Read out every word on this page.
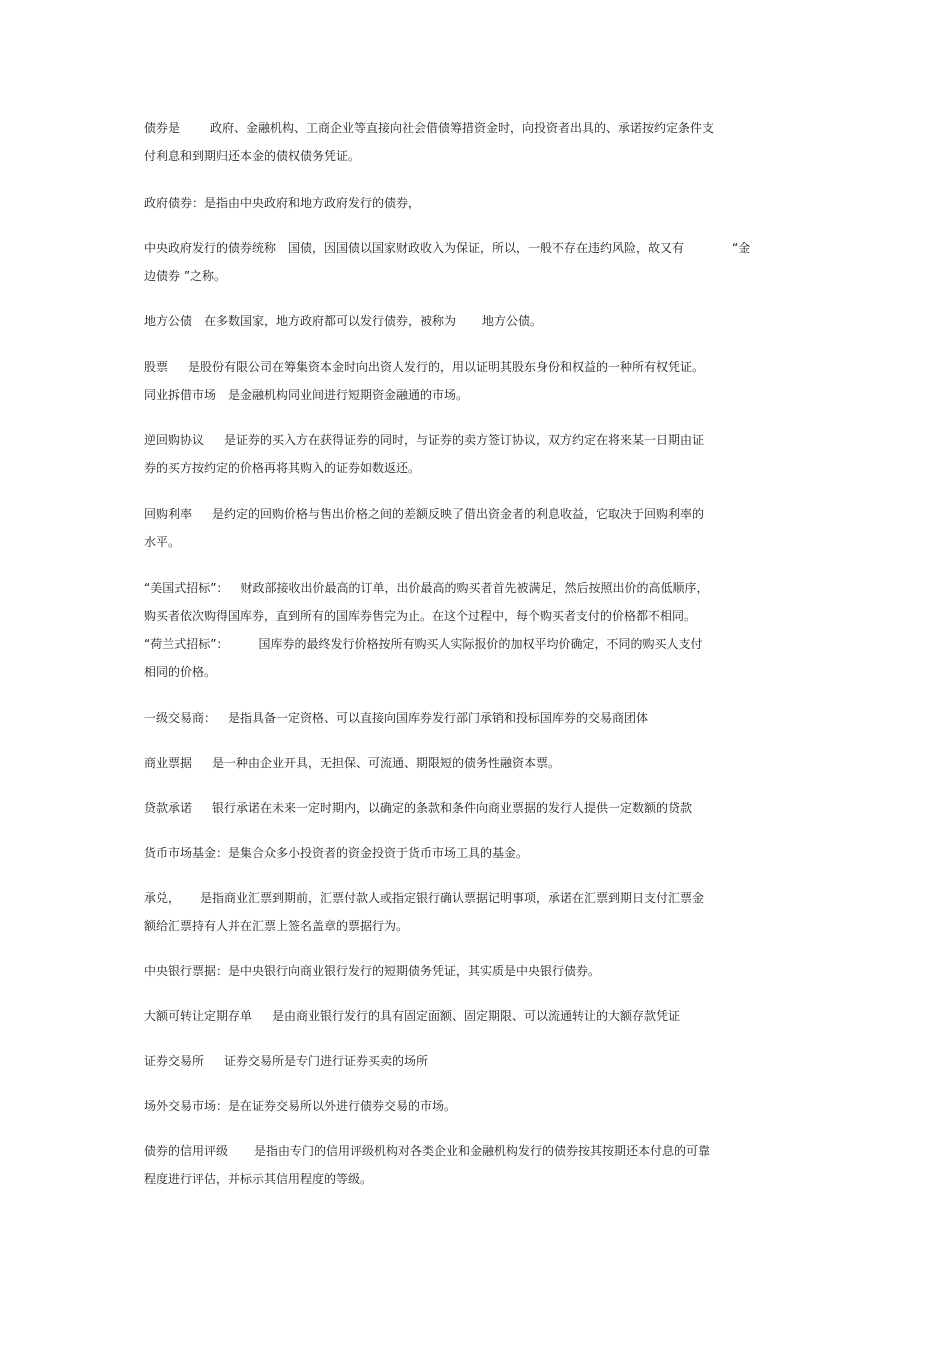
债券是	政府、金融机构、工商企业等直接向社会借债筹措资金时，向投资者出具的、承诺按约定条件支
付利息和到期归还本金的债权债务凭证。

政府债券：是指由中央政府和地方政府发行的债券，

中央政府发行的债券统称 国债，因国债以国家财政收入为保证，所以，一般不存在违约风险，故又有	“金
边债券 ”之称。

地方公债 在多数国家，地方政府都可以发行债券，被称为 地方公债。

股票 是股份有限公司在筹集资本金时向出资人发行的，用以证明其股东身份和权益的一种所有权凭证。
同业拆借市场 是金融机构同业间进行短期资金融通的市场。

逆回购协议 是证券的买入方在获得证券的同时，与证券的卖方签订协议，双方约定在将来某一日期由证
券的买方按约定的价格再将其购入的证券如数返还。

回购利率 是约定的回购价格与售出价格之间的差额反映了借出资金者的利息收益，它取决于回购利率的
水平。

“美国式招标”： 财政部接收出价最高的订单，出价最高的购买者首先被满足，然后按照出价的高低顺序，
购买者依次购得国库券，直到所有的国库券售完为止。在这个过程中，每个购买者支付的价格都不相同。
“荷兰式招标”：	国库券的最终发行价格按所有购买人实际报价的加权平均价确定，不同的购买人支付
相同的价格。

一级交易商： 是指具备一定资格、可以直接向国库券发行部门承销和投标国库券的交易商团体

商业票据 是一种由企业开具，无担保、可流通、期限短的债务性融资本票。

贷款承诺 银行承诺在未来一定时期内，以确定的条款和条件向商业票据的发行人提供一定数额的贷款

货币市场基金：是集合众多小投资者的资金投资于货币市场工具的基金。

承兑， 是指商业汇票到期前，汇票付款人或指定银行确认票据记明事项，承诺在汇票到期日支付汇票金
额给汇票持有人并在汇票上签名盖章的票据行为。

中央银行票据：是中央银行向商业银行发行的短期债务凭证，其实质是中央银行债券。

大额可转让定期存单 是由商业银行发行的具有固定面额、固定期限、可以流通转让的大额存款凭证

证券交易所 证券交易所是专门进行证券买卖的场所

场外交易市场：是在证券交易所以外进行债券交易的市场。

债券的信用评级 是指由专门的信用评级机构对各类企业和金融机构发行的债券按其按期还本付息的可靠
程度进行评估，并标示其信用程度的等级。
